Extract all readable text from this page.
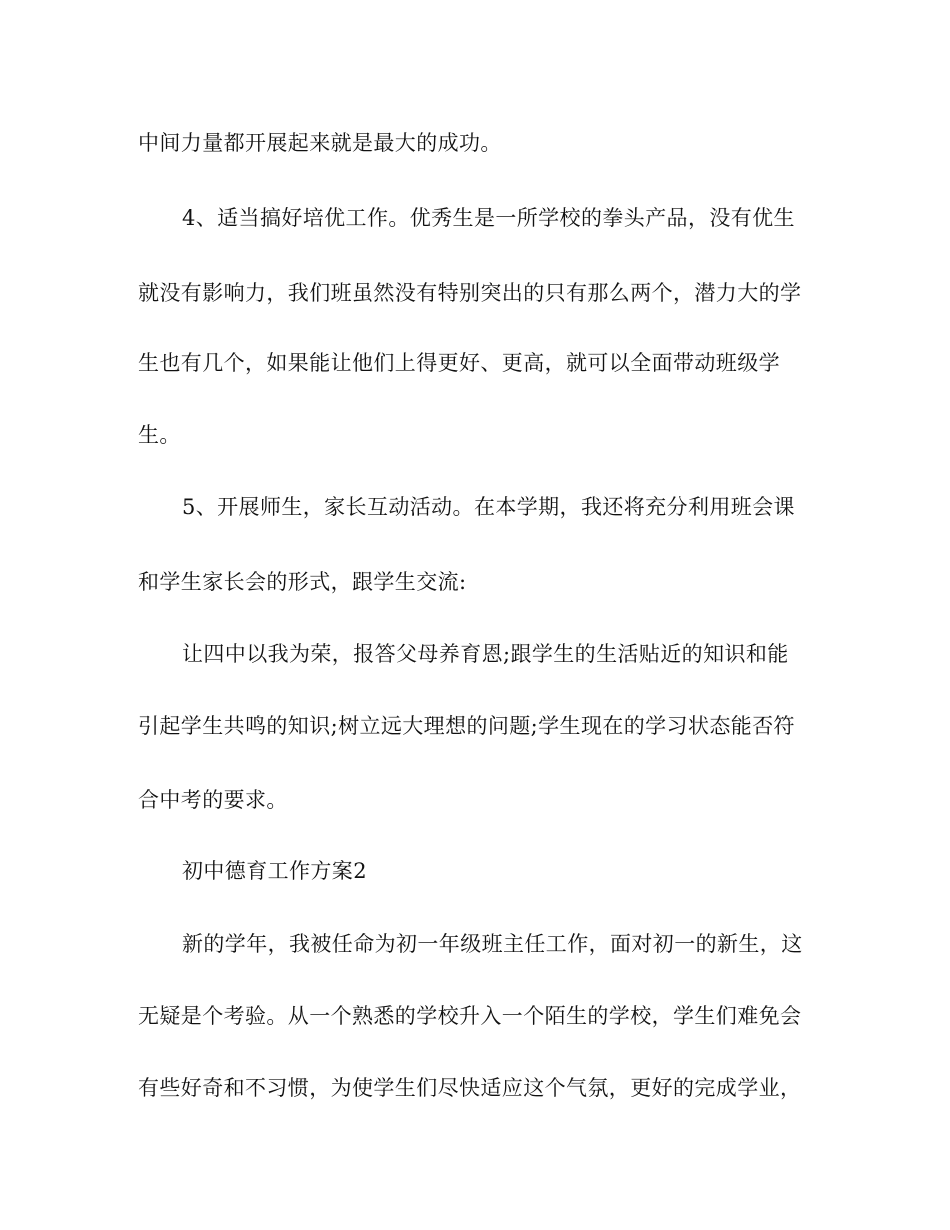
中间力量都开展起来就是最大的成功。
4、适当搞好培优工作。优秀生是一所学校的拳头产品，没有优生
就没有影响力，我们班虽然没有特别突出的只有那么两个，潜力大的学
生也有几个，如果能让他们上得更好、更高，就可以全面带动班级学
生。
5、开展师生，家长互动活动。在本学期，我还将充分利用班会课
和学生家长会的形式，跟学生交流:
让四中以我为荣，报答父母养育恩;跟学生的生活贴近的知识和能
引起学生共鸣的知识;树立远大理想的问题;学生现在的学习状态能否符
合中考的要求。
初中德育工作方案2
新的学年，我被任命为初一年级班主任工作，面对初一的新生，这
无疑是个考验。从一个熟悉的学校升入一个陌生的学校，学生们难免会
有些好奇和不习惯，为使学生们尽快适应这个气氛，更好的完成学业，
